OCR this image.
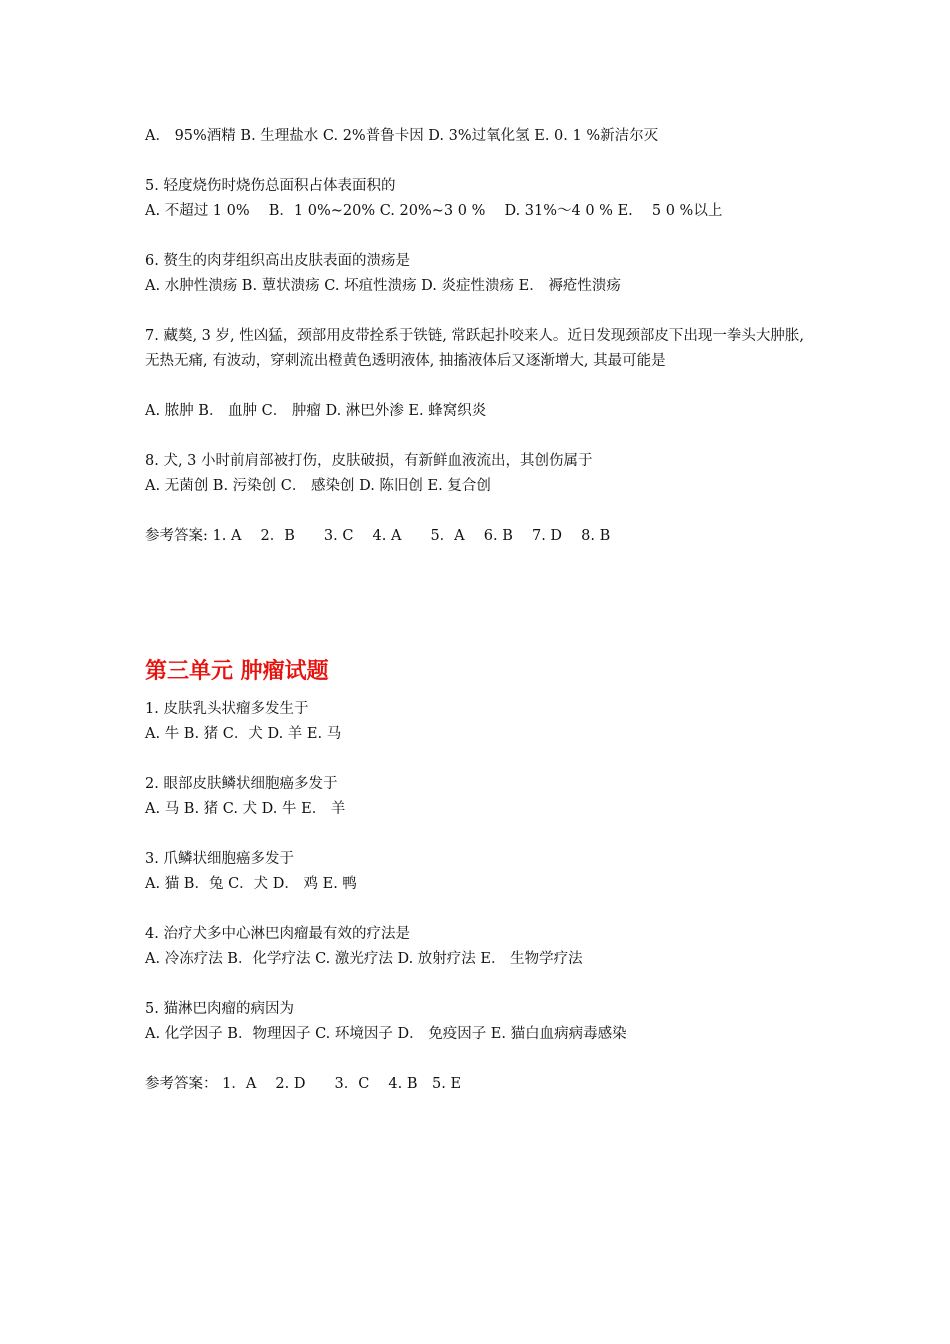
A． 95%酒精 B. 生理盐水 C. 2%普鲁卡因 D. 3%过氧化氢 E. 0. 1 %新洁尔灭
5. 轻度烧伤时烧伤总面积占体表面积的
A. 不超过 1 0%　 B．1 0%~20% C. 20%~3 0 %　 D. 31%～4 0 % E. 　5 0 %以上
6. 赘生的肉芽组织高出皮肤表面的溃疡是
A. 水肿性溃疡 B. 蕈状溃疡 C. 坏疽性溃疡 D. 炎症性溃疡 E． 褥疮性溃疡
7. 藏獒, 3 岁, 性凶猛，颈部用皮带拴系于铁链, 常跃起扑咬来人。近日发现颈部皮下出现一拳头大肿胀, 无热无痛, 有波动，穿刺流出橙黄色透明液体, 抽搐液体后又逐渐增大, 其最可能是
A. 脓肿 B． 血肿 C． 肿瘤 D. 淋巴外渗 E. 蜂窝织炎
8. 犬, 3 小时前肩部被打伤，皮肤破损，有新鲜血液流出，其创伤属于
A. 无菌创 B. 污染创 C． 感染创 D. 陈旧创 E. 复合创
参考答案: 1. A　 2．B　　3. C　 4. A　　5．A　 6. B　 7. D　 8. B
第三单元 肿瘤试题
1. 皮肤乳头状瘤多发生于
A. 牛 B. 猪 C．犬 D. 羊 E. 马
2. 眼部皮肤鳞状细胞癌多发于
A. 马 B. 猪 C. 犬 D. 牛 E． 羊
3. 爪鳞状细胞癌多发于
A. 猫 B．兔 C．犬 D． 鸡 E. 鸭
4. 治疗犬多中心淋巴肉瘤最有效的疗法是
A. 冷冻疗法 B．化学疗法 C. 激光疗法 D. 放射疗法 E． 生物学疗法
5. 猫淋巴肉瘤的病因为
A. 化学因子 B．物理因子 C. 环境因子 D． 免疫因子 E. 猫白血病病毒感染
参考答案： 1．A　 2. D　　3．C　 4. B　5. E
